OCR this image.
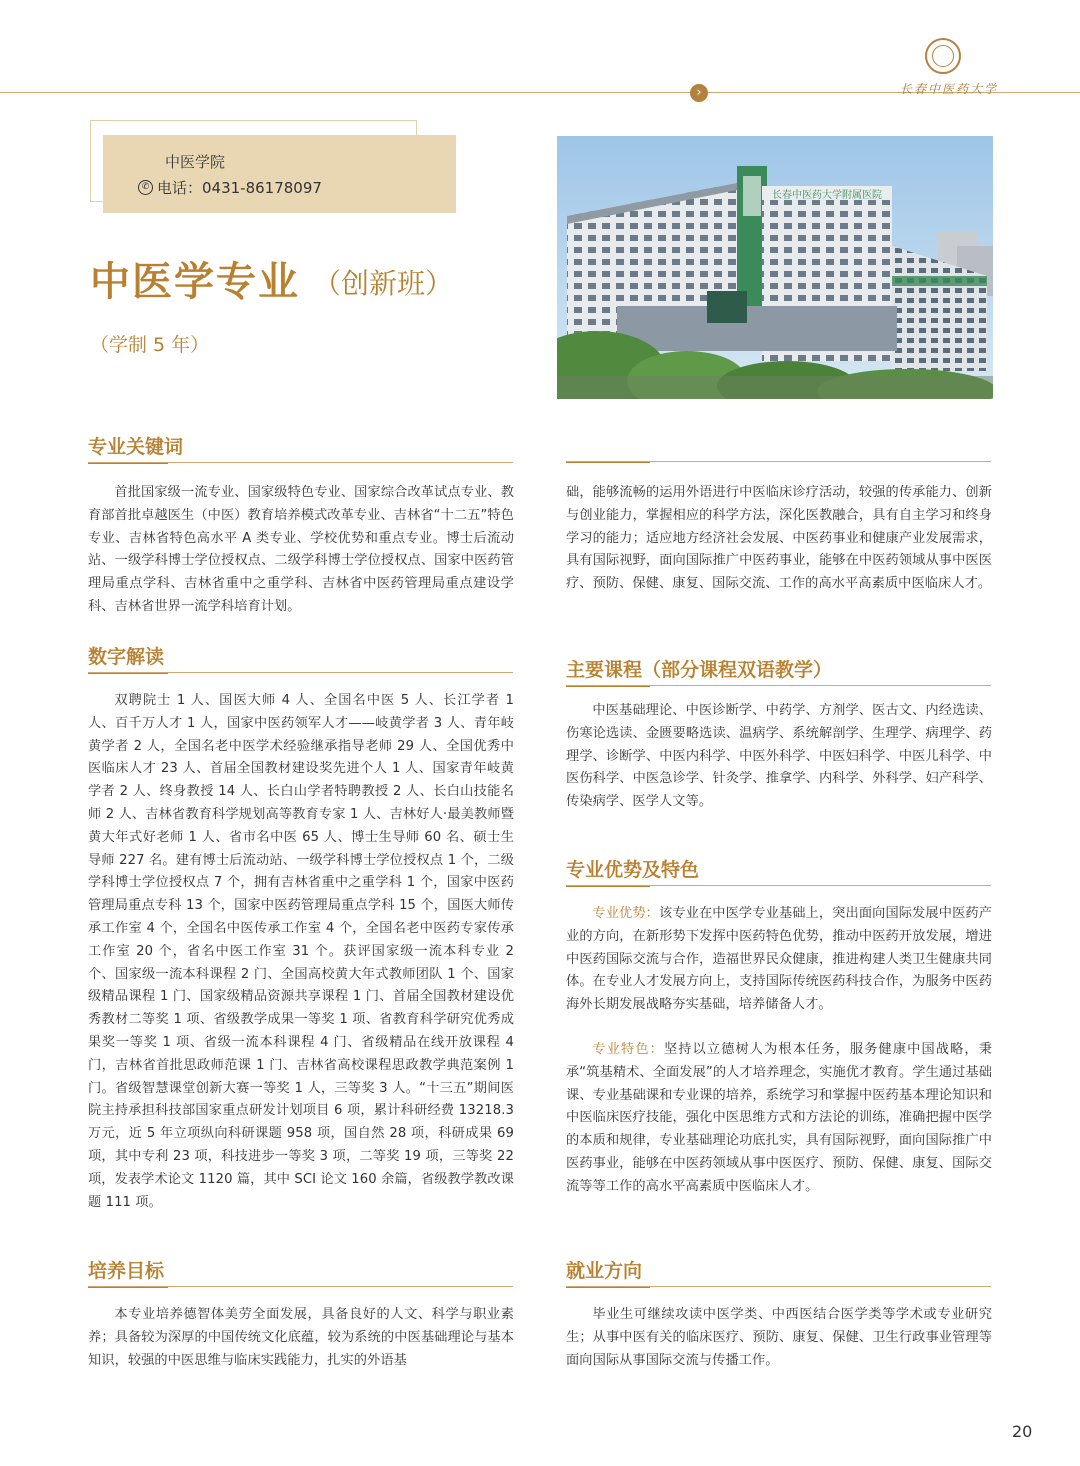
›	长春中医药大学
中医学院
✆ 电话：0431-86178097
中医学专业 （创新班）
（学制 5 年）
长春中医药大学附属医院
专业关键词
首批国家级一流专业、国家级特色专业、国家综合改革试点专业、教育部首批卓越医生（中医）教育培养模式改革专业、吉林省“十二五”特色专业、吉林省特色高水平 A 类专业、学校优势和重点专业。博士后流动站、一级学科博士学位授权点、二级学科博士学位授权点、国家中医药管理局重点学科、吉林省重中之重学科、吉林省中医药管理局重点建设学科、吉林省世界一流学科培育计划。
数字解读
双聘院士 1 人、国医大师 4 人、全国名中医 5 人、长江学者 1 人、百千万人才 1 人，国家中医药领军人才——岐黄学者 3 人、青年岐黄学者 2 人，全国名老中医学术经验继承指导老师 29 人、全国优秀中医临床人才 23 人、首届全国教材建设奖先进个人 1 人、国家青年岐黄学者 2 人、终身教授 14 人、长白山学者特聘教授 2 人、长白山技能名师 2 人、吉林省教育科学规划高等教育专家 1 人、吉林好人·最美教师暨黄大年式好老师 1 人、省市名中医 65 人、博士生导师 60 名、硕士生导师 227 名。建有博士后流动站、一级学科博士学位授权点 1 个，二级学科博士学位授权点 7 个，拥有吉林省重中之重学科 1 个，国家中医药管理局重点专科 13 个，国家中医药管理局重点学科 15 个，国医大师传承工作室 4 个，全国名中医传承工作室 4 个，全国名老中医药专家传承工作室 20 个，省名中医工作室 31 个。获评国家级一流本科专业 2 个、国家级一流本科课程 2 门、全国高校黄大年式教师团队 1 个、国家级精品课程 1 门、国家级精品资源共享课程 1 门、首届全国教材建设优秀教材二等奖 1 项、省级教学成果一等奖 1 项、省教育科学研究优秀成果奖一等奖 1 项、省级一流本科课程 4 门、省级精品在线开放课程 4 门，吉林省首批思政师范课 1 门、吉林省高校课程思政教学典范案例 1 门。省级智慧课堂创新大赛一等奖 1 人，三等奖 3 人。“十三五”期间医院主持承担科技部国家重点研发计划项目 6 项，累计科研经费 13218.3 万元，近 5 年立项纵向科研课题 958 项，国自然 28 项，科研成果 69 项，其中专利 23 项，科技进步一等奖 3 项，二等奖 19 项，三等奖 22 项，发表学术论文 1120 篇，其中 SCI 论文 160 余篇，省级教学教改课题 111 项。
培养目标
本专业培养德智体美劳全面发展，具备良好的人文、科学与职业素养；具备较为深厚的中国传统文化底蕴，较为系统的中医基础理论与基本知识，较强的中医思维与临床实践能力，扎实的外语基
础，能够流畅的运用外语进行中医临床诊疗活动，较强的传承能力、创新与创业能力，掌握相应的科学方法，深化医教融合，具有自主学习和终身学习的能力；适应地方经济社会发展、中医药事业和健康产业发展需求，具有国际视野，面向国际推广中医药事业，能够在中医药领域从事中医医疗、预防、保健、康复、国际交流、工作的高水平高素质中医临床人才。
主要课程（部分课程双语教学）
中医基础理论、中医诊断学、中药学、方剂学、医古文、内经选读、伤寒论选读、金匮要略选读、温病学、系统解剖学、生理学、病理学、药理学、诊断学、中医内科学、中医外科学、中医妇科学、中医儿科学、中医伤科学、中医急诊学、针灸学、推拿学、内科学、外科学、妇产科学、传染病学、医学人文等。
专业优势及特色
专业优势：该专业在中医学专业基础上，突出面向国际发展中医药产业的方向，在新形势下发挥中医药特色优势，推动中医药开放发展，增进中医药国际交流与合作，造福世界民众健康，推进构建人类卫生健康共同体。在专业人才发展方向上，支持国际传统医药科技合作，为服务中医药海外长期发展战略夯实基础，培养储备人才。
专业特色：坚持以立德树人为根本任务，服务健康中国战略，秉承“筑基精术、全面发展”的人才培养理念，实施优才教育。学生通过基础课、专业基础课和专业课的培养，系统学习和掌握中医药基本理论知识和中医临床医疗技能，强化中医思维方式和方法论的训练，准确把握中医学的本质和规律，专业基础理论功底扎实，具有国际视野，面向国际推广中医药事业，能够在中医药领域从事中医医疗、预防、保健、康复、国际交流等等工作的高水平高素质中医临床人才。
就业方向
毕业生可继续攻读中医学类、中西医结合医学类等学术或专业研究生；从事中医有关的临床医疗、预防、康复、保健、卫生行政事业管理等面向国际从事国际交流与传播工作。
20
